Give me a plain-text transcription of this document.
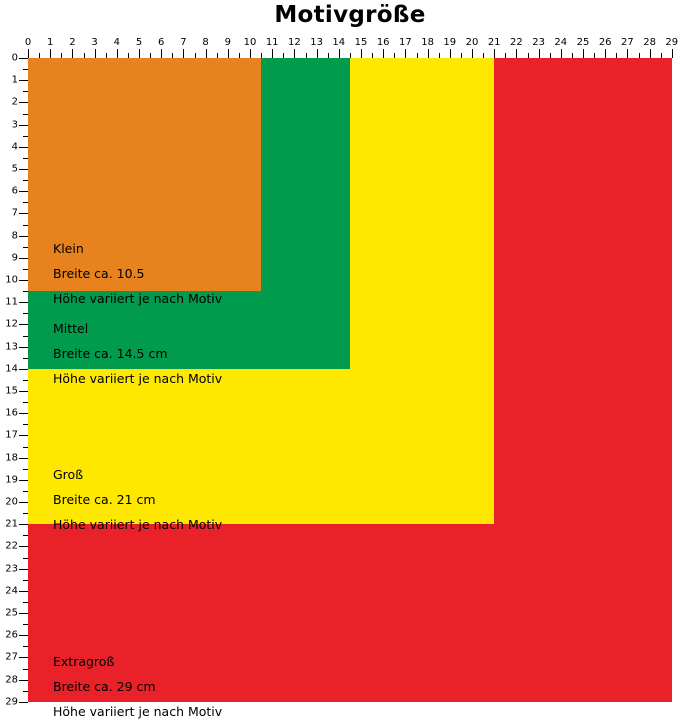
Motivgröße
0 1 2 3 4 5 6 7 8 9 10 11 12 13 14 15 16 17 18 19 20 21 22 23 24 25 26 27 28 29
0
1
2
3
4
5
6
7
8
9
10
11
12
13
14
15
16
17
18
19
20
21
22
23
24
25
26
27
28
29
Klein
Breite ca. 10.5
Höhe variiert je nach Motiv
Mittel
Breite ca. 14.5 cm
Höhe variiert je nach Motiv
Groß
Breite ca. 21 cm
Höhe variiert je nach Motiv
Extragroß
Breite ca. 29 cm
Höhe variiert je nach Motiv
